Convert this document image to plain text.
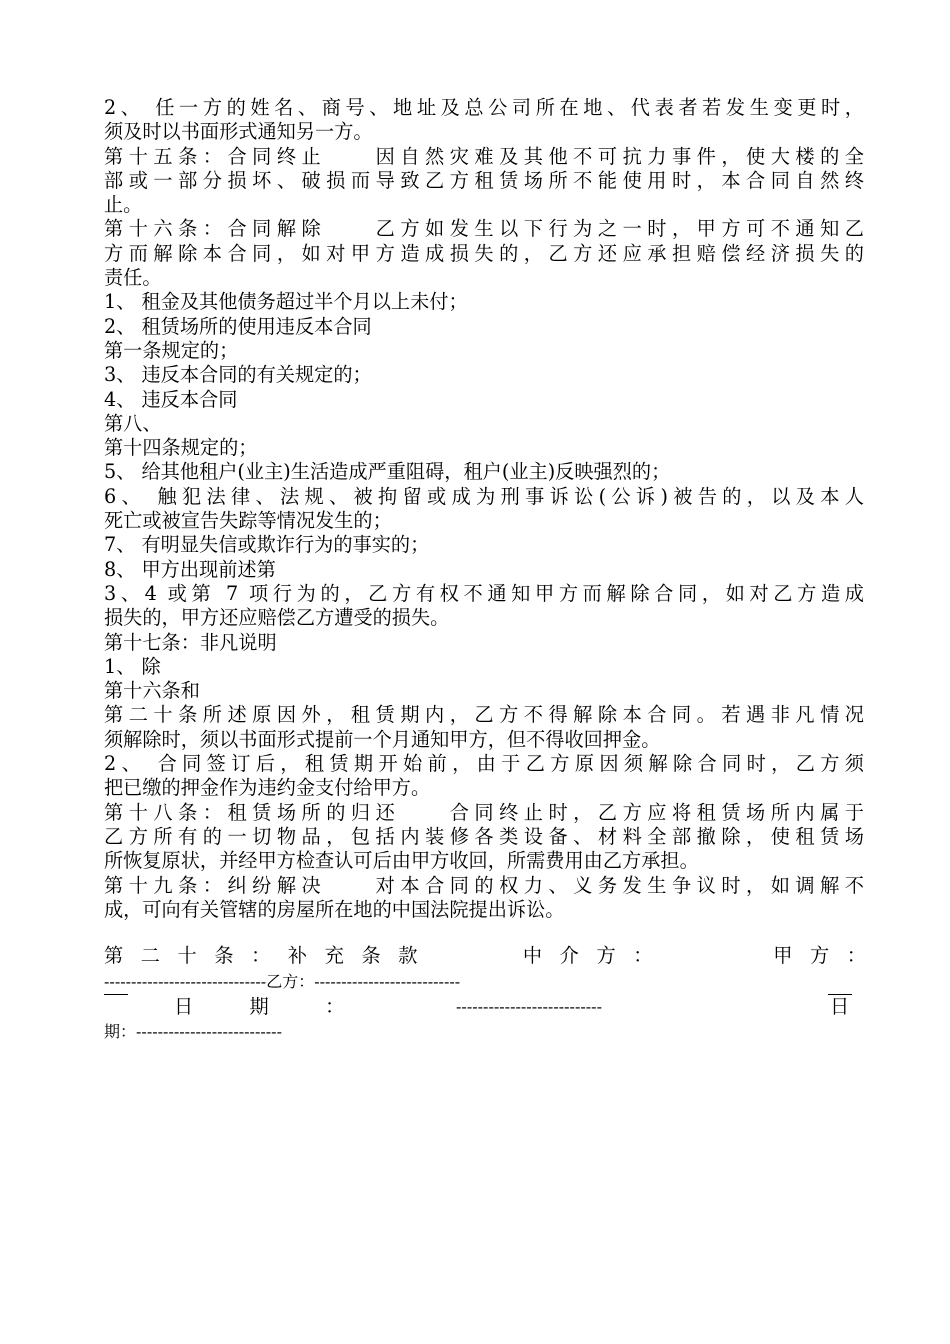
2、 任一方的姓名、商号、地址及总公司所在地、代表者若发生变更时，
须及时以书面形式通知另一方。
第十五条：合同终止　　因自然灾难及其他不可抗力事件，使大楼的全
部或一部分损坏、破损而导致乙方租赁场所不能使用时，本合同自然终
止。
第十六条：合同解除　　乙方如发生以下行为之一时，甲方可不通知乙
方而解除本合同，如对甲方造成损失的，乙方还应承担赔偿经济损失的
责任。
1、 租金及其他债务超过半个月以上未付；
2、 租赁场所的使用违反本合同
第一条规定的；
3、 违反本合同的有关规定的；
4、 违反本合同
第八、
第十四条规定的；
5、 给其他租户(业主)生活造成严重阻碍，租户(业主)反映强烈的；
6、 触犯法律、法规、被拘留或成为刑事诉讼(公诉)被告的，以及本人
死亡或被宣告失踪等情况发生的；
7、 有明显失信或欺诈行为的事实的；
8、 甲方出现前述第
3、4 或第 7 项行为的，乙方有权不通知甲方而解除合同，如对乙方造成
损失的，甲方还应赔偿乙方遭受的损失。
第十七条：非凡说明
1、 除
第十六条和
第二十条所述原因外，租赁期内，乙方不得解除本合同。若遇非凡情况
须解除时，须以书面形式提前一个月通知甲方，但不得收回押金。
2、 合同签订后，租赁期开始前，由于乙方原因须解除合同时，乙方须
把已缴的押金作为违约金支付给甲方。
第十八条：租赁场所的归还　　合同终止时，乙方应将租赁场所内属于
乙方所有的一切物品，包括内装修各类设备、材料全部撤除，使租赁场
所恢复原状，并经甲方检查认可后由甲方收回，所需费用由乙方承担。
第十九条：纠纷解决　　对本合同的权力、义务发生争议时，如调解不
成，可向有关管辖的房屋所在地的中国法院提出诉讼。
第 二 十 条 ： 补 充 条 款　　　　中 介 方 ：　　　　　甲 方 ：
------------------------------乙方：---------------------------
日　　期　　：	---------------------------	日
期：---------------------------
